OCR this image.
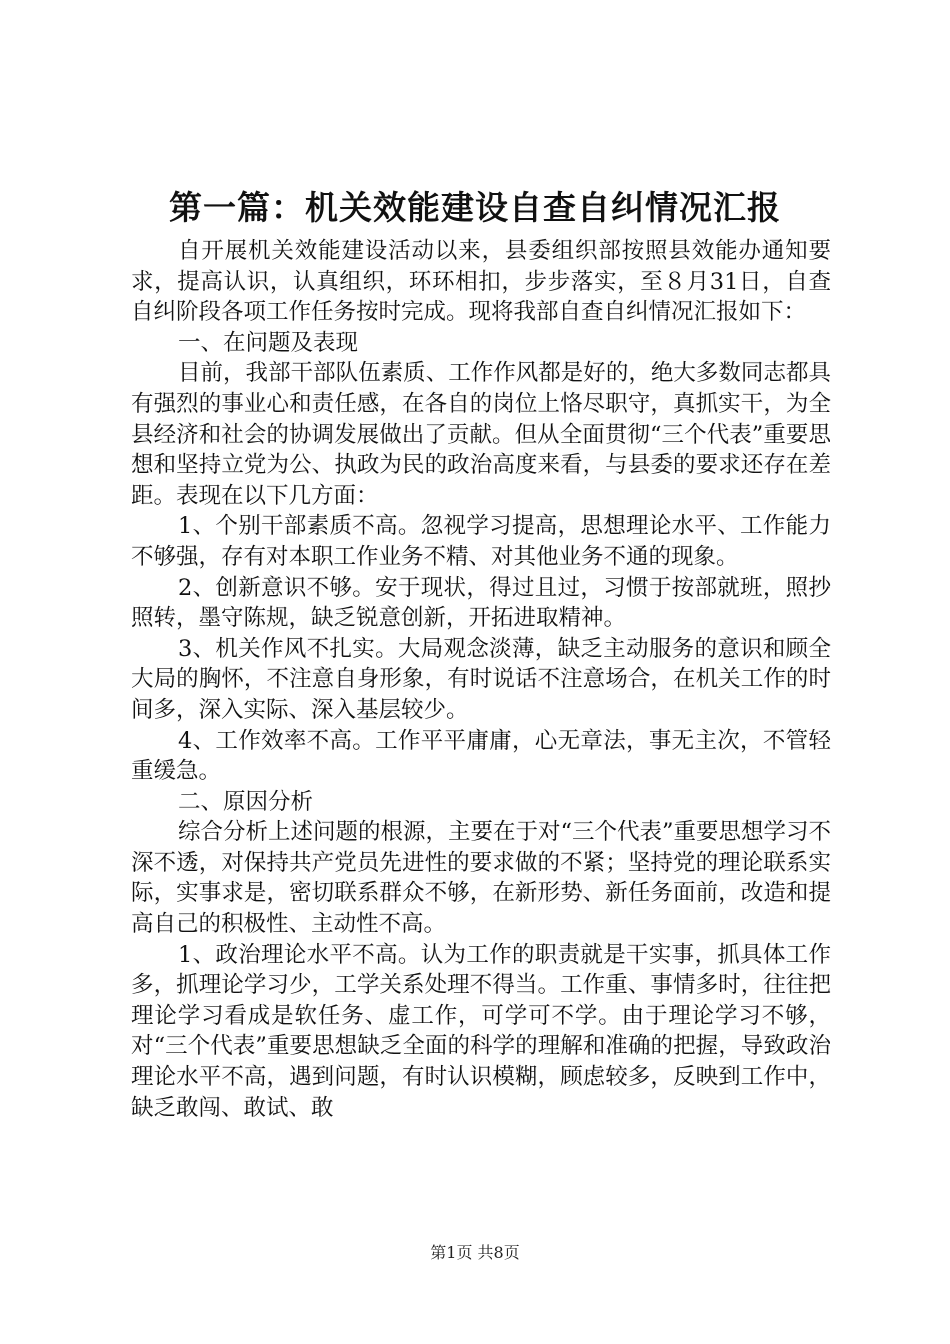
第一篇：机关效能建设自查自纠情况汇报

自开展机关效能建设活动以来，县委组织部按照县效能办通知要求，提高认识，认真组织，环环相扣，步步落实，至８月31日，自查自纠阶段各项工作任务按时完成。现将我部自查自纠情况汇报如下：

一、在问题及表现

目前，我部干部队伍素质、工作作风都是好的，绝大多数同志都具有强烈的事业心和责任感，在各自的岗位上恪尽职守，真抓实干，为全县经济和社会的协调发展做出了贡献。但从全面贯彻“三个代表”重要思想和坚持立党为公、执政为民的政治高度来看，与县委的要求还存在差距。表现在以下几方面：

1、个别干部素质不高。忽视学习提高，思想理论水平、工作能力不够强，存有对本职工作业务不精、对其他业务不通的现象。

2、创新意识不够。安于现状，得过且过，习惯于按部就班，照抄照转，墨守陈规，缺乏锐意创新，开拓进取精神。

3、机关作风不扎实。大局观念淡薄，缺乏主动服务的意识和顾全大局的胸怀，不注意自身形象，有时说话不注意场合，在机关工作的时间多，深入实际、深入基层较少。

4、工作效率不高。工作平平庸庸，心无章法，事无主次，不管轻重缓急。

二、原因分析

综合分析上述问题的根源，主要在于对“三个代表”重要思想学习不深不透，对保持共产党员先进性的要求做的不紧；坚持党的理论联系实际，实事求是，密切联系群众不够，在新形势、新任务面前，改造和提高自己的积极性、主动性不高。

1、政治理论水平不高。认为工作的职责就是干实事，抓具体工作多，抓理论学习少，工学关系处理不得当。工作重、事情多时，往往把理论学习看成是软任务、虚工作，可学可不学。由于理论学习不够，对“三个代表”重要思想缺乏全面的科学的理解和准确的把握，导致政治理论水平不高，遇到问题，有时认识模糊，顾虑较多，反映到工作中，缺乏敢闯、敢试、敢

第1页 共8页
